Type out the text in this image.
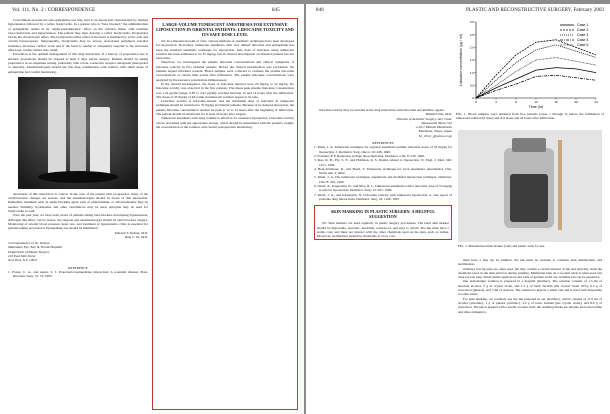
Vol. 111, No. 2 / CORRESPONDENCE	845

Concomitant propranolol and epinephrine use may lead to an interaction characterized by marked hypertension followed by a reflex bradycardia. In a patient who is "beta blocked," the administration of epinephrine results in an "alpha-predominance" effect on the vascular tissue, with resultant vasoconstriction and hypertension. The patient may then develop a reflex bradycardia. Propranolol blocks the chronotropic effect. The bradycardia reflex effect of the heart is mediated by aortic arch and carotid baroreceptors. Subsequently, bradycardia may be severe. Associated peripheral vascular resistance increases cardiac work and if the heart is unable to adequately respond to the increased after-load, cardiac failure may result.

Prevention is the optimal management of this drug interaction. If a history of propranolol use is elicited, propranolol should be stopped at least 3 days before surgery. Patients should be taking propranolol in an outpatient setting, preferably with a beta-1-selective receptor antagonist (metoprolol or atenolol). Anesthesiologists should use this drug combination with caution, with small doses of epinephrine and careful monitoring.

Awareness of this interaction is critical. In the case of the patient with propranolol, many of the cardiovascular changes are serious, and the anesthesiologist should be aware of this interaction. Immediate treatment with an alpha-blocking agent such as phentolamine or chlorpromazine may be needed. Similarly, hydralazine and other vasodilators may be used. Atropine may be used for bradycardia as well.

Over the past year, we have been aware of patients taking beta-blockers developing hypertension. Although this effect can be severe, the surgeon and anesthesiologist should be alerted before surgery. Monitoring of arterial blood pressure, heart rate, and treatment of hypertensive crisis is essential for patients taking propranolol. Epinephrine use should be minimized.

Edward T. Dosina, M.D.
Yang C. Yu, M.D.
Correspondence to Dr. Dosina
Manhattan Eye, Ear, & Throat Hospital
Department of Plastic Surgery
210 East 64th Street
New York, N.Y. 10021
REFERENCE
1. Foster, C. A., and Aston, S. J. Propranolol-epinephrine interaction: A potential disaster. Plast. Reconstr. Surg. 72: 74, 1983.
LARGE-VOLUME TUMESCENT ANESTHESIA FOR EXTENSIVE LIPOSUCTION IN ORIENTAL PATIENTS: LIDOCAINE TOXICITY AND ITS SAFE DOSE LEVEL

Sir: In a theoretical point of view, various methods of anesthetic techniques have been developed for liposuction. Nowadays, tumescent anesthesia with very diluted lidocaine and epinephrine has been the standard anesthetic technique for liposuction. Safe dose of lidocaine using tumescent solution has been estimated to be 35 mg/kg, but its clinical investigation on Oriental patients has not been done.

Therefore, we investigated the plasma lidocaine concentrations and clinical symptoms of lidocaine toxicity in five Oriental patients. Before the clinical investigation was performed, the patients signed informed consent. Blood samples were collected to evaluate the plasma lidocaine concentrations at certain time points after infiltration. The plasma lidocaine concentrations were analyzed by fluorescence polarization immunoassay.

In the clinical investigation, the doses of lidocaine injected were 20 mg/kg to 52 mg/kg. No lidocaine toxicity was observed in the five patients. The mean peak plasma lidocaine concentration was 1.52 μg/ml (range, 0.85 to 2.61 μg/ml), reached between 12 and 14 hours after the infiltration. The doses of 35 mg/kg of lidocaine in tumescent solution appear to be safe.

Lidocaine toxicity is lidocaine-related, and the maximum dose of lidocaine in tumescent technique should be restricted to 35 mg/kg in Oriental patients. Because of its delayed absorption, the plasma lidocaine concentration reaches its peak at 12 to 14 hours after the beginning of infiltration. The patient should be monitored for at least 24 hours after surgery.

Tumescent anesthesia with large volume is effective for extensive liposuction. Lidocaine toxicity can be prevented with the appropriate dosage, which should be determined with the patient's weight, the concentration of the solution, and careful postoperative monitoring.

846	PLASTIC AND RECONSTRUCTIVE SURGERY, February 2003
Lidocaine concentration (μg / ml)
Time (hr)
0
0.5
1.0
1.5
2.0
2.5
3.0
0	4	8	12	16	20	24
Case 1
Case 2
Case 3
Case 4
Case 5
FIG. 1. Blood samples were obtained from five patients (cases 1 through 5) before the infiltration of tumescent solution (0 hour) and at 8 hours and 24 hours after infiltration.

lidocaine toxicity may be avoided in the drug interaction with lidocaine and inhibitor agents.

Hideaki Oha, M.D.
Division of Aesthetic Surgery, Atri Clinic
Tamaswami Tama City
2-16-1 Minami Hashimoto
Yokohama, Tokyo, Japan
h2_clinic_@yahoo.co.jp
REFERENCES
1. Klein, J. A. Tumescent technique for regional anesthesia permits lidocaine doses of 35 mg/kg for liposuction. J. Dermatol. Surg. Oncol. 16: 248, 1990.
2. Fournier, P. F. Reduction syringe liposculpturing. Dermatol. Clin. 8: 539, 1990.
3. Rao, R. B., Ely, S. F., and Hoffman, R. S. Deaths related to liposuction. N. Engl. J. Med. 340: 1471, 1999.
4. Berk-Schlesser, R., and Hoerl, T. Tumescent technique for local anesthesia. Anesthesiol. Clin. North Am. 3: 2002.
5. Klein, J. A. The tumescent technique: Anesthesia and modified liposuction technique. Dermatol. Clin. 8: 425, 1990.
6. Ostad, A., Kageyama, N., and Moy, R. L. Tumescent anesthesia with a lidocaine dose of 55 mg/kg is safe for liposuction. Dermatol. Surg. 22: 921, 1996.
7. Klein, J. A., and Kassarjian, N. Lidocaine toxicity with tumescent liposuction: A case report of probable drug interactions. Dermatol. Surg. 23: 1169, 1997.
SKIN MARKING IN PLASTIC SURGERY: A HELPFUL SUGGESTION

Sir: Skin markers are used regularly in plastic surgery procedures. The ideal skin marker should be disposable, nontoxic, insoluble, waterproof, and easy to obtain. The ink must have a stable color and must not interact with the other chemicals used on the skin, such as iodine. Moreover, sterilization should be obtainable at a low cost.

FIG. 1. Manufactured ink marker (vial) and plastic stick for use.

must have a fine tip. In addition, the ink must be resistant to common skin disinfectants and sterilization.

Ordinary felt-tip pens are often used, but they contain a certain amount of ink and typically resist the chemicals used on the skin and face during painting. Methylene blue on a wooden stick is often used, but does not last long. Small sterile applicators and vials of gentian violet are available but can be expensive.

Our skin-marker solution is prepared in a hospital pharmacy. The solution consists of 1.5 ml of absolute alcohol, 3 g of crystal violet, and 1.5 g of basic fuchsin (the crystal violet 16%), 0.3 g of resorcinol (phenol), and 5 ml of acetone. The solution is kept in a small vial and is used with disposable wooden sticks.

For skin marking, we routinely use the ink prepared in our pharmacy, which consists of 11.0 ml of alcohol (absolute), 1 g of phenol (carbolic), 3.0 g of basic fuchsin (the crystal violet), and 8.0 g of resorcinol. The ink is applied with a sterile wooden stick; the resulting marks are durable and resist iodine and other antiseptics.
